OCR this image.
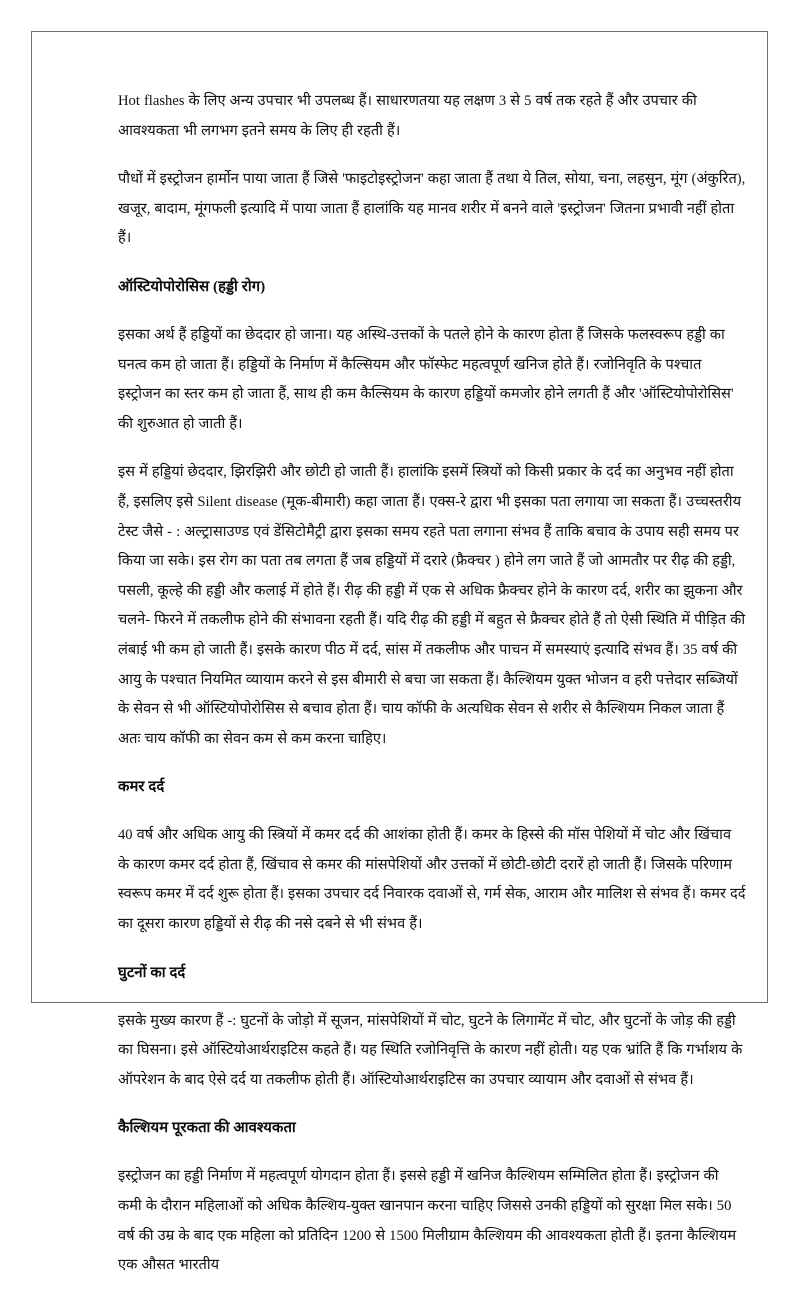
Hot flashes के लिए अन्य उपचार भी उपलब्ध हैं। साधारणतया यह लक्षण 3 से 5 वर्ष तक रहते हैं और उपचार की आवश्यकता भी लगभग इतने समय के लिए ही रहती हैं।

पौधों में इस्ट्रोजन हार्मोन पाया जाता हैं जिसे 'फाइटोइस्ट्रोजन' कहा जाता हैं तथा ये तिल, सोया, चना, लहसुन, मूंग (अंकुरित), खजूर, बादाम, मूंगफली इत्यादि में पाया जाता हैं हालांकि यह मानव शरीर में बनने वाले 'इस्ट्रोजन' जितना प्रभावी नहीं होता हैं।

ऑस्टियोपोरोसिस (हड्डी रोग)

इसका अर्थ हैं हड्डियों का छेददार हो जाना। यह अस्थि-उत्तकों के पतले होने के कारण होता हैं जिसके फलस्वरूप हड्डी का घनत्व कम हो जाता हैं। हड्डियों के निर्माण में कैल्सियम और फॉस्फेट महत्वपूर्ण खनिज होते हैं। रजोनिवृति के पश्चात इस्ट्रोजन का स्तर कम हो जाता हैं, साथ ही कम कैल्सियम के कारण हड्डियों कमजोर होने लगती हैं और 'ऑस्टियोपोरोसिस' की शुरुआत हो जाती हैं।

इस में हड्डियां छेददार, झिरझिरी और छोटी हो जाती हैं। हालांकि इसमें स्त्रियों को किसी प्रकार के दर्द का अनुभव नहीं होता हैं, इसलिए इसे Silent disease (मूक-बीमारी) कहा जाता हैं। एक्स-रे द्वारा भी इसका पता लगाया जा सकता हैं। उच्चस्तरीय टेस्ट जैसे - : अल्ट्रासाउण्ड एवं डेंसिटोमैट्री द्वारा इसका समय रहते पता लगाना संभव हैं ताकि बचाव के उपाय सही समय पर किया जा सके। इस रोग का पता तब लगता हैं जब हड्डियों में दरारे (फ्रैक्चर ) होने लग जाते हैं जो आमतौर पर रीढ़ की हड्डी, पसली, कूल्हे की हड्डी और कलाई में होते हैं। रीढ़ की हड्डी में एक से अधिक फ्रैक्चर होने के कारण दर्द, शरीर का झुकना और चलने- फिरने में तकलीफ होने की संभावना रहती हैं। यदि रीढ़ की हड्डी में बहुत से फ्रैक्चर होते हैं तो ऐसी स्थिति में पीड़ित की लंबाई भी कम हो जाती हैं। इसके कारण पीठ में दर्द, सांस में तकलीफ और पाचन में समस्याएं इत्यादि संभव हैं। 35 वर्ष की आयु के पश्चात नियमित व्यायाम करने से इस बीमारी से बचा जा सकता हैं। कैल्शियम युक्त भोजन व हरी पत्तेदार सब्जियों के सेवन से भी ऑस्टियोपोरोसिस से बचाव होता हैं। चाय कॉफी के अत्यधिक सेवन से शरीर से कैल्शियम निकल जाता हैं अतः चाय कॉफी का सेवन कम से कम करना चाहिए।

कमर दर्द

40 वर्ष और अधिक आयु की स्त्रियों में कमर दर्द की आशंका होती हैं। कमर के हिस्से की मॉस पेशियों में चोट और खिंचाव के कारण कमर दर्द होता हैं, खिंचाव से कमर की मांसपेशियों और उत्तकों में छोटी-छोटी दरारें हो जाती हैं। जिसके परिणाम स्वरूप कमर में दर्द शुरू होता हैं। इसका उपचार दर्द निवारक दवाओं से, गर्म सेक, आराम और मालिश से संभव हैं। कमर दर्द का दूसरा कारण हड्डियों से रीढ़ की नसे दबने से भी संभव हैं।

घुटनों का दर्द

इसके मुख्य कारण हैं -: घुटनों के जोड़ो में सूजन, मांसपेशियों में चोट, घुटने के लिगामेंट में चोट, और घुटनों के जोड़ की हड्डी का घिसना। इसे ऑस्टियोआर्थराइटिस कहते हैं। यह स्थिति रजोनिवृत्ति के कारण नहीं होती। यह एक भ्रांति हैं कि गर्भाशय के ऑपरेशन के बाद ऐसे दर्द या तकलीफ होती हैं। ऑस्टियोआर्थराइटिस का उपचार व्यायाम और दवाओं से संभव हैं।

कैल्शियम पूरकता की आवश्यकता

इस्ट्रोजन का हड्डी निर्माण में महत्वपूर्ण योगदान होता हैं। इससे हड्डी में खनिज कैल्शियम सम्मिलित होता हैं। इस्ट्रोजन की कमी के दौरान महिलाओं को अधिक कैल्शिय-युक्त खानपान करना चाहिए जिससे उनकी हड्डियों को सुरक्षा मिल सके। 50 वर्ष की उम्र के बाद एक महिला को प्रतिदिन 1200 से 1500 मिलीग्राम कैल्शियम की आवश्यकता होती हैं। इतना कैल्शियम एक औसत भारतीय
